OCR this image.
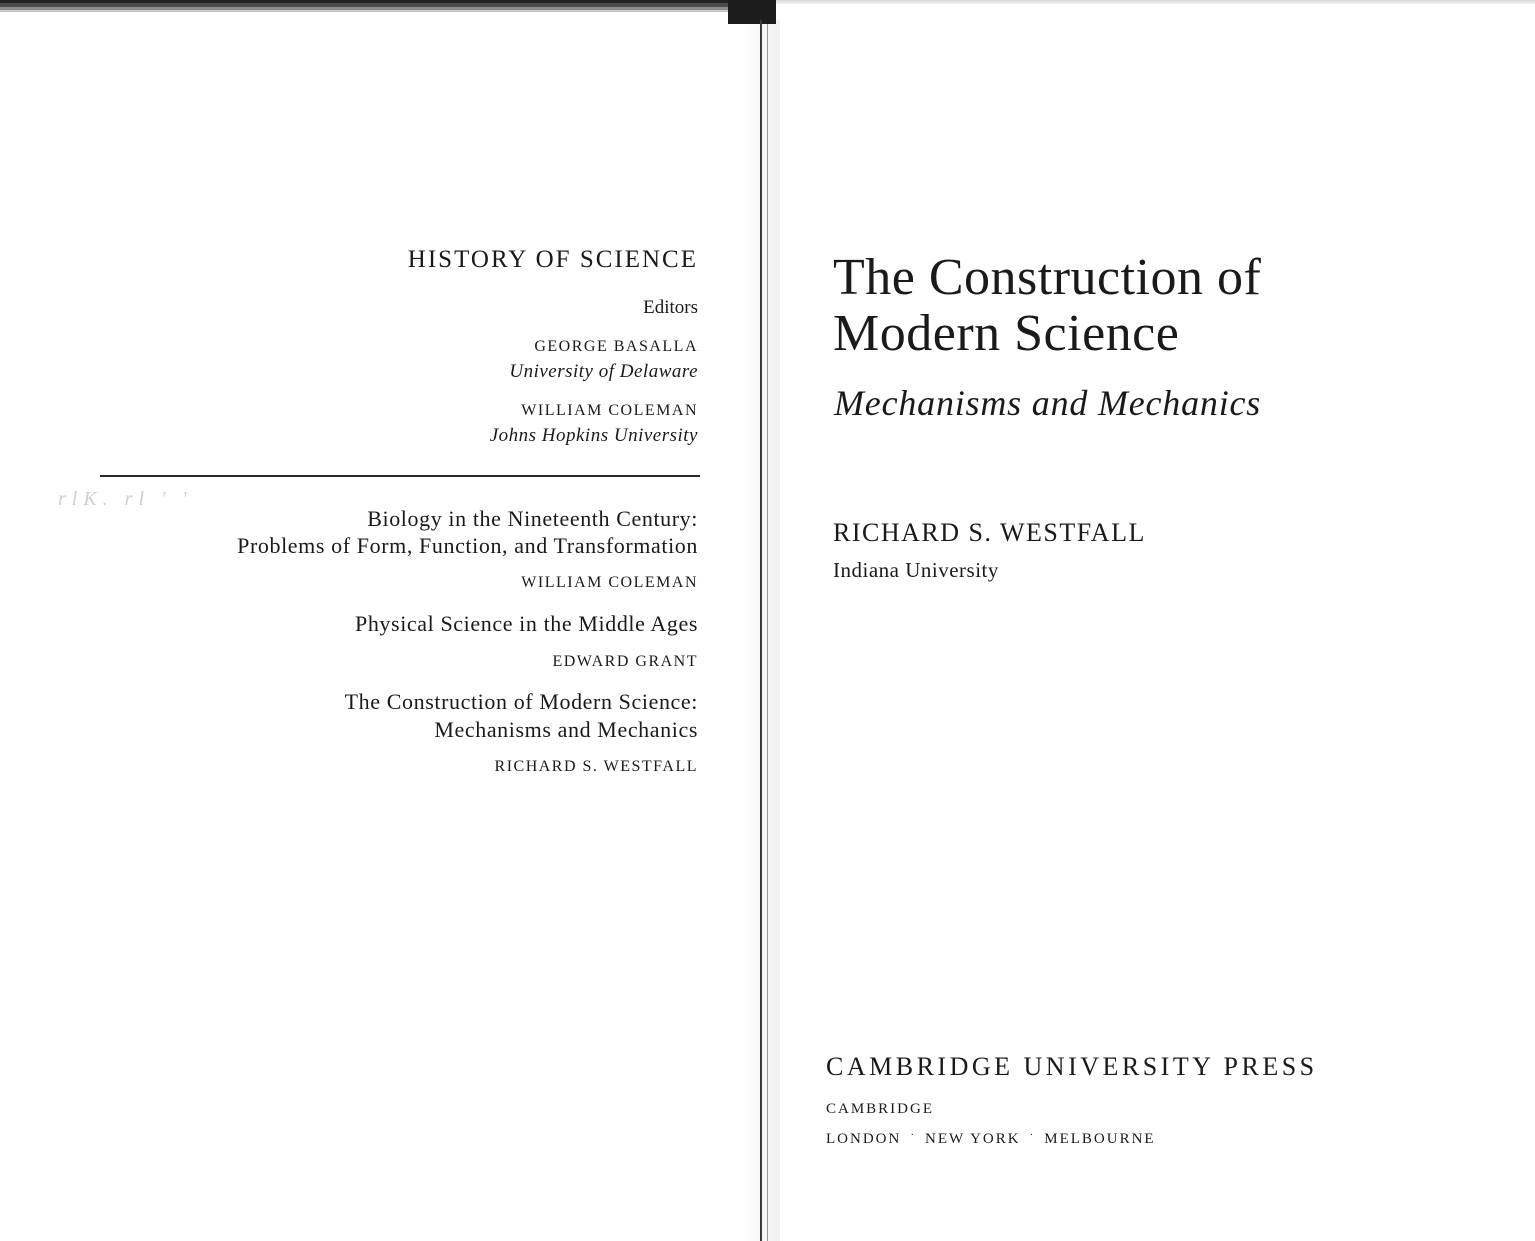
rlK. rl ' '
HISTORY OF SCIENCE
Editors
GEORGE BASALLA
University of Delaware
WILLIAM COLEMAN
Johns Hopkins University
Biology in the Nineteenth Century:
Problems of Form, Function, and Transformation
WILLIAM COLEMAN
Physical Science in the Middle Ages
EDWARD GRANT
The Construction of Modern Science:
Mechanisms and Mechanics
RICHARD S. WESTFALL
The Construction of
Modern Science
Mechanisms and Mechanics
RICHARD S. WESTFALL
Indiana University
CAMBRIDGE UNIVERSITY PRESS
CAMBRIDGE
LONDON · NEW YORK · MELBOURNE
